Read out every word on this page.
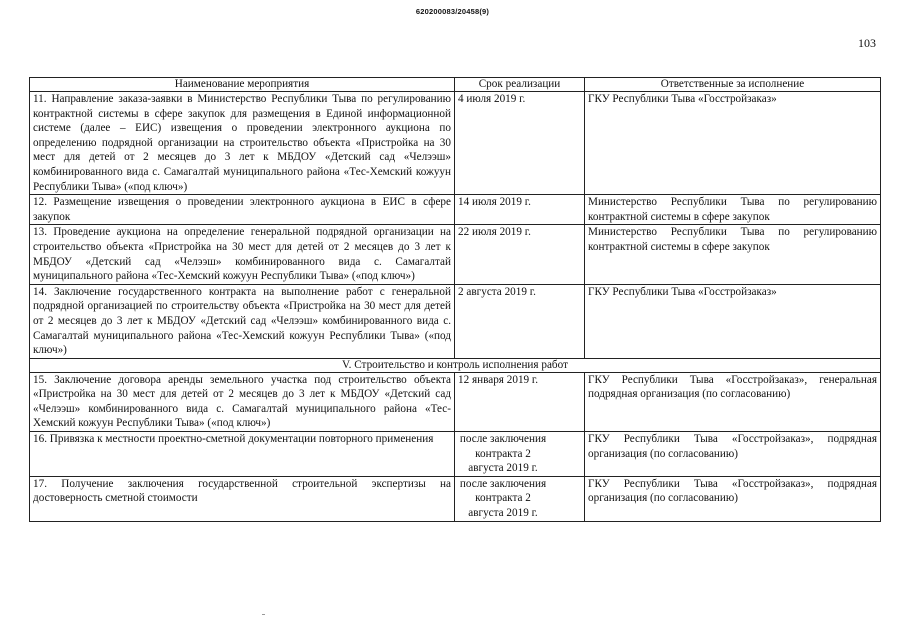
620200083/20458(9)
103
Наименование мероприятия	Срок реализации	Ответственные за исполнение
11. Направление заказа-заявки в Министерство Республики Тыва по регулированию контрактной системы в сфере закупок для размещения в Единой информационной системе (далее – ЕИС) извещения о проведении электронного аукциона по определению подрядной организации на строительство объекта «Пристройка на 30 мест для детей от 2 месяцев до 3 лет к МБДОУ «Детский сад «Челээш» комбинированного вида с. Самагалтай муниципального района «Тес-Хемский кожуун Республики Тыва» («под ключ»)	4 июля 2019 г.	ГКУ Республики Тыва «Госстройзаказ»
12. Размещение извещения о проведении электронного аукциона в ЕИС в сфере закупок	14 июля 2019 г.	Министерство Республики Тыва по регулированию контрактной системы в сфере закупок
13. Проведение аукциона на определение генеральной подрядной организации на строительство объекта «Пристройка на 30 мест для детей от 2 месяцев до 3 лет к МБДОУ «Детский сад «Челээш» комбинированного вида с. Самагалтай муниципального района «Тес-Хемский кожуун Республики Тыва» («под ключ»)	22 июля 2019 г.	Министерство Республики Тыва по регулированию контрактной системы в сфере закупок
14. Заключение государственного контракта на выполнение работ с генеральной подрядной организацией по строительству объекта «Пристройка на 30 мест для детей от 2 месяцев до 3 лет к МБДОУ «Детский сад «Челээш» комбинированного вида с. Самагалтай муниципального района «Тес-Хемский кожуун Республики Тыва» («под ключ»)	2 августа 2019 г.	ГКУ Республики Тыва «Госстройзаказ»
V. Строительство и контроль исполнения работ		
15. Заключение договора аренды земельного участка под строительство объекта «Пристройка на 30 мест для детей от 2 месяцев до 3 лет к МБДОУ «Детский сад «Челээш» комбинированного вида с. Самагалтай муниципального района «Тес-Хемский кожуун Республики Тыва» («под ключ»)	12 января 2019 г.	ГКУ Республики Тыва «Госстройзаказ», генеральная подрядная организация (по согласованию)
16. Привязка к местности проектно-сметной документации повторного применения	после заключения контракта 2 августа 2019 г.	ГКУ Республики Тыва «Госстройзаказ», подрядная организация (по согласованию)
17. Получение заключения государственной строительной экспертизы на достоверность сметной стоимости	после заключения контракта 2 августа 2019 г.	ГКУ Республики Тыва «Госстройзаказ», подрядная организация (по согласованию)
